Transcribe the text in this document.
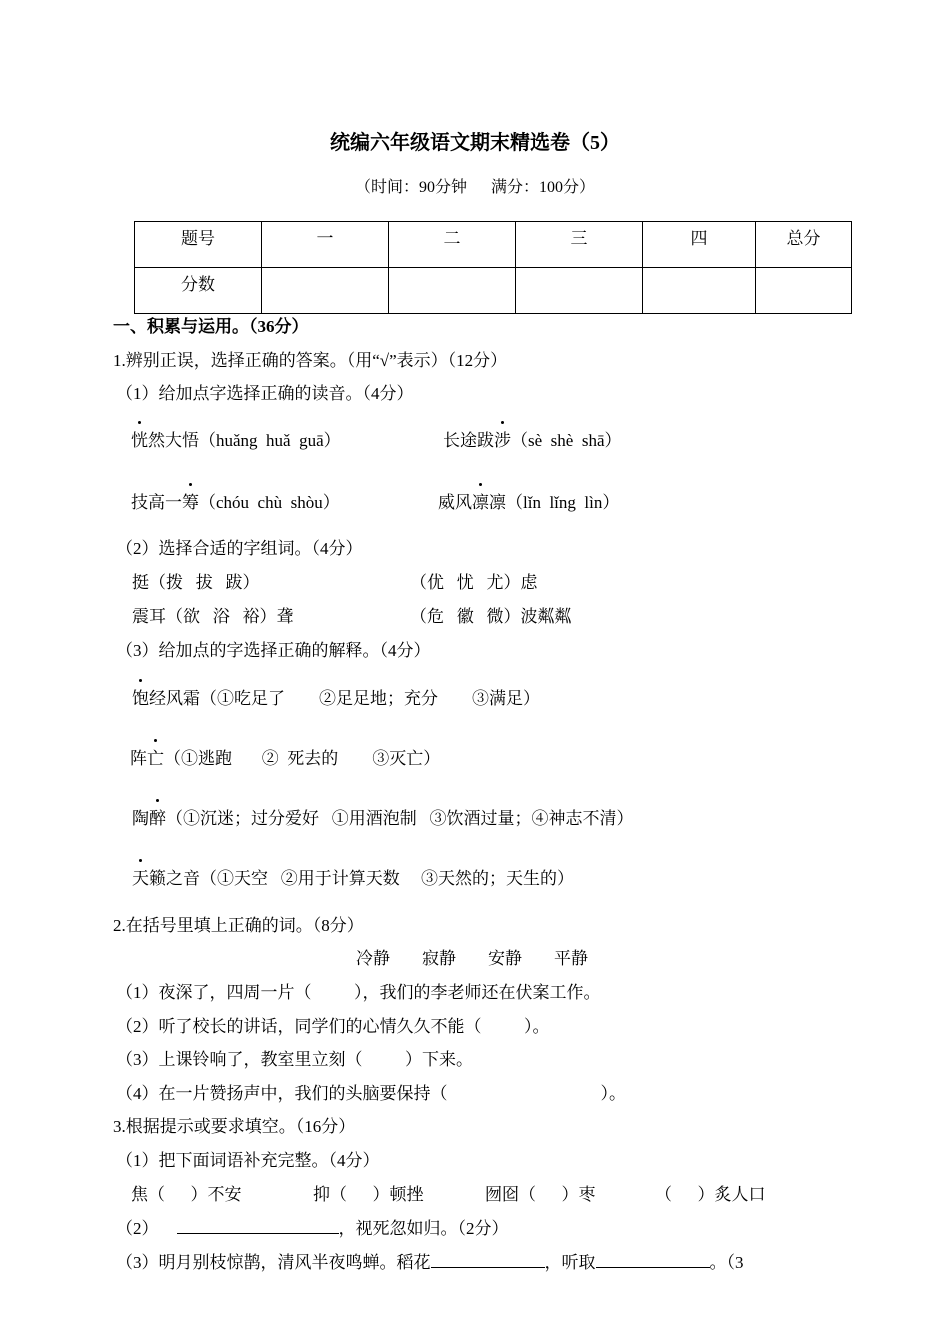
统编六年级语文期末精选卷（5）
（时间：90分钟      满分：100分）
题号	一	二	三	四	总分
分数					
一、积累与运用。（36分）
1.辨别正误，选择正确的答案。（用“√”表示）（12分）
（1）给加点字选择正确的读音。（4分）
恍然大悟（huǎng  huǎ  guā）	长途跋涉（sè  shè  shā）
技高一筹（chóu  chù  shòu）	威风凛凛（lǐn  lǐng  lìn）
（2）选择合适的字组词。（4分）
挺（拨   拔   跋）	（优   忧   尤）虑
震耳（欲   浴   裕）聋	（危   徽   微）波粼粼
（3）给加点的字选择正确的解释。（4分）
饱经风霜（①吃足了        ②足足地；充分        ③满足）
阵亡（①逃跑       ②  死去的        ③灭亡）
陶醉（①沉迷；过分爱好   ①用酒泡制   ③饮酒过量；④神志不清）
天籁之音（①天空   ②用于计算天数     ③天然的；天生的）
2.在括号里填上正确的词。（8分）
冷静 寂静 安静 平静
（1）夜深了，四周一片（          ），我们的李老师还在伏案工作。
（2）听了校长的讲话，同学们的心情久久不能（          ）。
（3）上课铃响了，教室里立刻（          ）下来。
（4）在一片赞扬声中，我们的头脑要保持（                                    ）。
3.根据提示或要求填空。（16分）
（1）把下面词语补充完整。（4分）
焦（      ）不安	抑（      ）顿挫	囫囵（      ）枣	（      ）炙人口
（2）	，视死忽如归。（2分）
（3）明月别枝惊鹊，清风半夜鸣蝉。稻花	，听取	。（3
